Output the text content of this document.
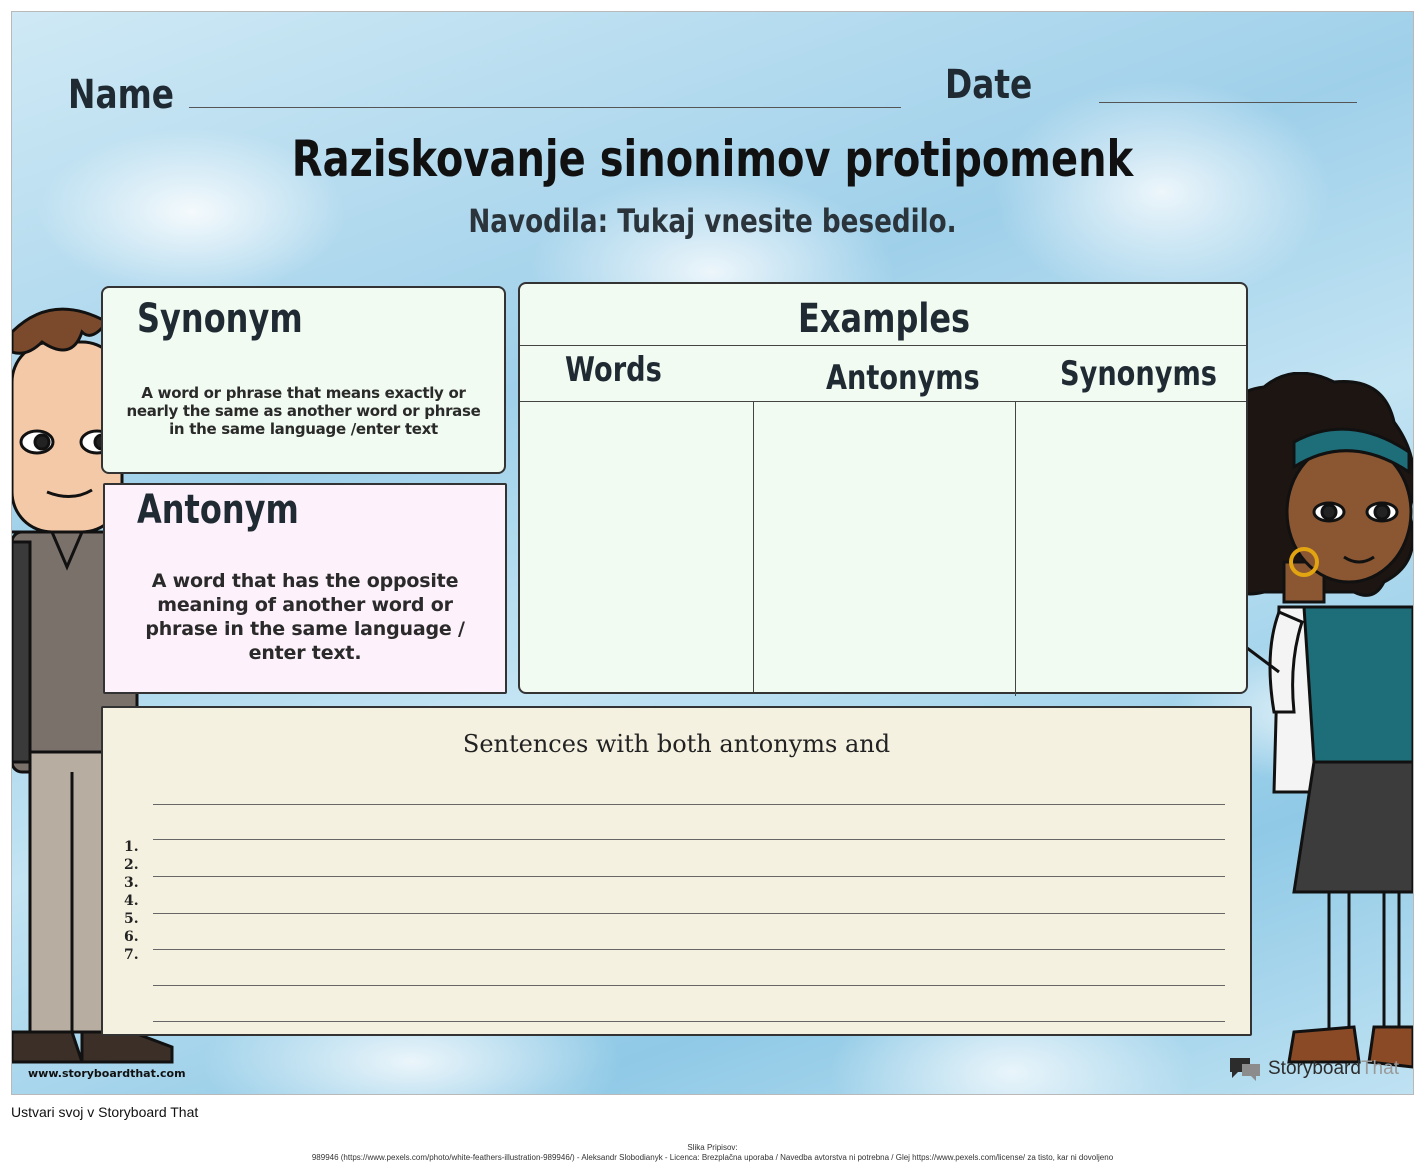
Name	Date
Raziskovanje sinonimov protipomenk
Navodila: Tukaj vnesite besedilo.
Synonym
A word or phrase that means exactly or nearly the same as another word or phrase in the same language /enter text
Antonym
A word that has the opposite meaning of another word or phrase in the same language / enter text.
Examples
Words	Antonyms Synonyms
Sentences with both antonyms and
1.
2.
3.
4.
5.
6.
7.
www.storyboardthat.com	StoryboardThat
Ustvari svoj v Storyboard That
Slika Pripisov:
989946 (https://www.pexels.com/photo/white-feathers-illustration-989946/) - Aleksandr Slobodianyk - Licenca: Brezplačna uporaba / Navedba avtorstva ni potrebna / Glej https://www.pexels.com/license/ za tisto, kar ni dovoljeno
